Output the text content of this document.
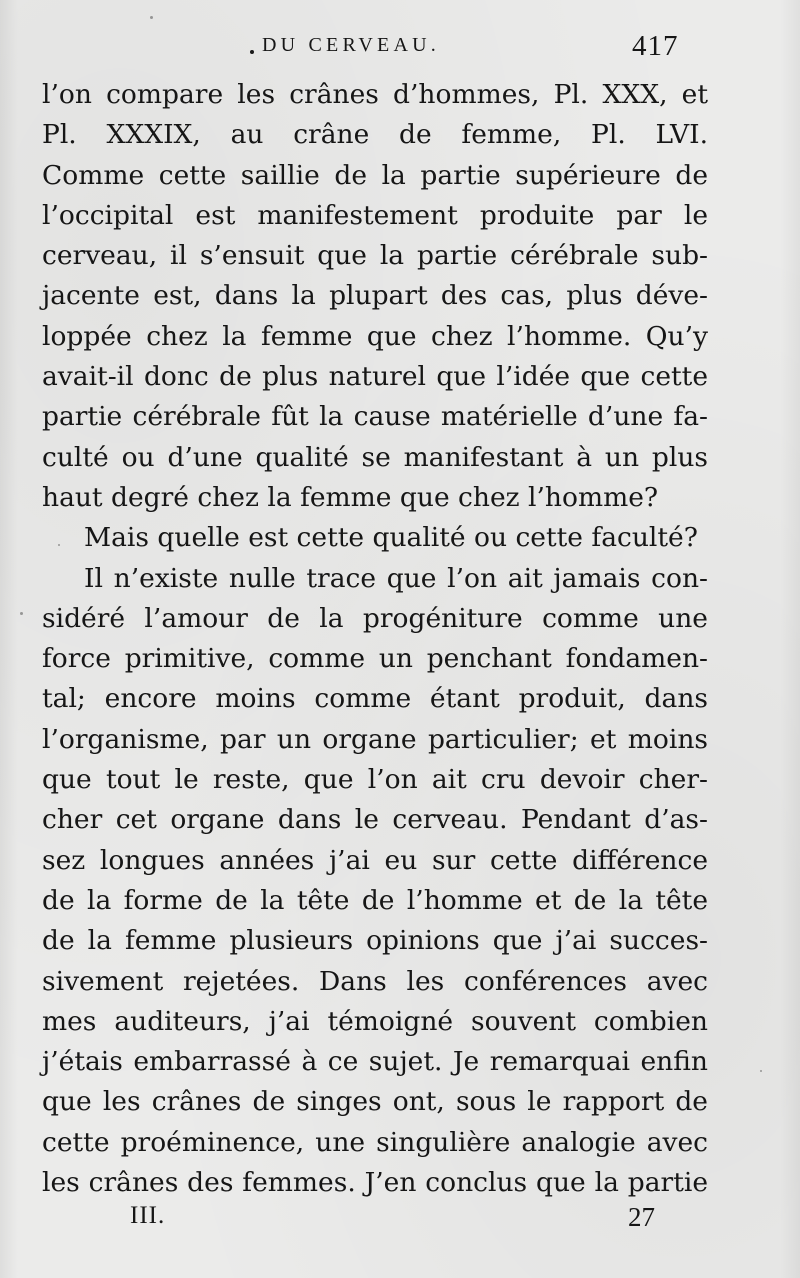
DU CERVEAU.	417
l’on compare les crânes d’hommes, Pl. XXX, et
Pl. XXXIX, au crâne de femme, Pl. LVI.
Comme cette saillie de la partie supérieure de
l’occipital est manifestement produite par le
cerveau, il s’ensuit que la partie cérébrale sub-
jacente est, dans la plupart des cas, plus déve-
loppée chez la femme que chez l’homme. Qu’y
avait-il donc de plus naturel que l’idée que cette
partie cérébrale fût la cause matérielle d’une fa-
culté ou d’une qualité se manifestant à un plus
haut degré chez la femme que chez l’homme?
Mais quelle est cette qualité ou cette faculté?
Il n’existe nulle trace que l’on ait jamais con-
sidéré l’amour de la progéniture comme une
force primitive, comme un penchant fondamen-
tal; encore moins comme étant produit, dans
l’organisme, par un organe particulier; et moins
que tout le reste, que l’on ait cru devoir cher-
cher cet organe dans le cerveau. Pendant d’as-
sez longues années j’ai eu sur cette différence
de la forme de la tête de l’homme et de la tête
de la femme plusieurs opinions que j’ai succes-
sivement rejetées. Dans les conférences avec
mes auditeurs, j’ai témoigné souvent combien
j’étais embarrassé à ce sujet. Je remarquai enfin
que les crânes de singes ont, sous le rapport de
cette proéminence, une singulière analogie avec
les crânes des femmes. J’en conclus que la partie
III.	27
